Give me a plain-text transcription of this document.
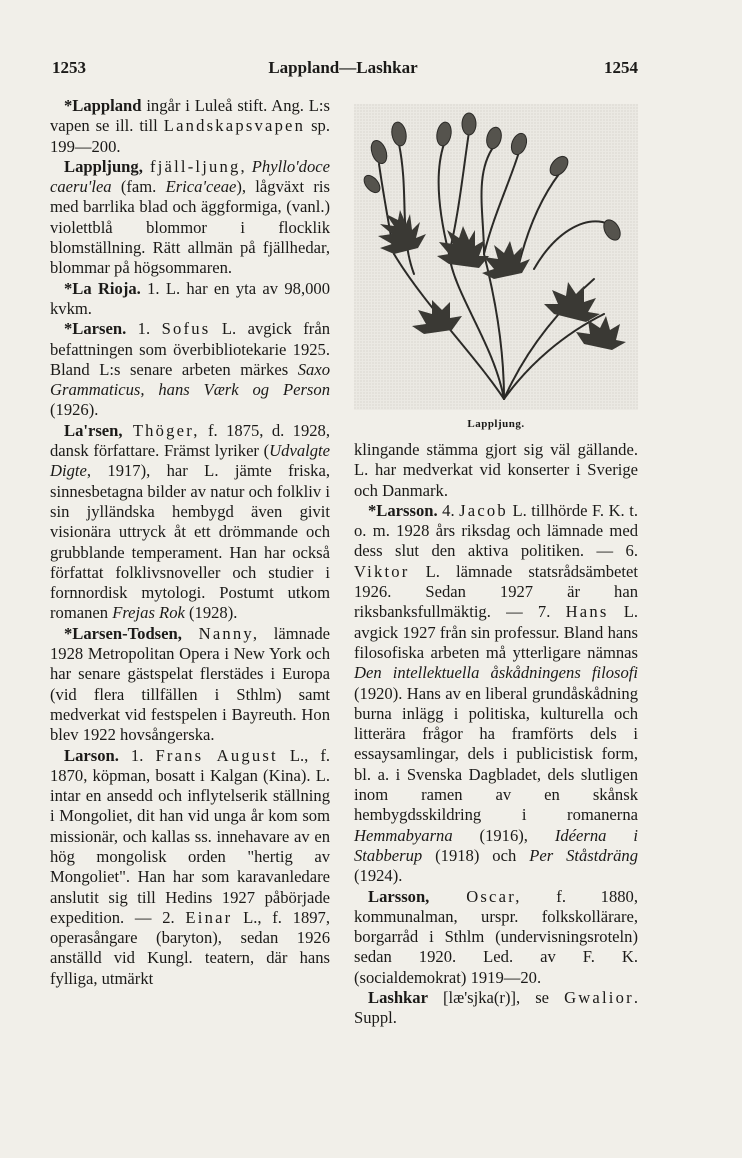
1253	Lappland—Lashkar	1254

*Lappland ingår i Luleå stift. Ang. L:s vapen se ill. till Landskapsvapen sp. 199—200.

Lappljung, fjäll-ljung, Phyllo'doce caeru'lea (fam. Erica'ceae), lågväxt ris med barrlika blad och äggformiga, (vanl.) violettblå blommor i flocklik blomställning. Rätt allmän på fjällhedar, blommar på högsommaren.

*La Rioja. 1. L. har en yta av 98,000 kvkm.

*Larsen. 1. Sofus L. avgick från befattningen som överbibliotekarie 1925. Bland L:s senare arbeten märkes Saxo Grammaticus, hans Værk og Person (1926).

La'rsen, Thöger, f. 1875, d. 1928, dansk författare. Främst lyriker (Udvalgte Digte, 1917), har L. jämte friska, sinnesbetagna bilder av natur och folkliv i sin jylländska hembygd även givit visionära uttryck åt ett drömmande och grubblande temperament. Han har också författat folklivsnoveller och studier i fornnordisk mytologi. Postumt utkom romanen Frejas Rok (1928).

*Larsen-Todsen, Nanny, lämnade 1928 Metropolitan Opera i New York och har senare gästspelat flerstädes i Europa (vid flera tillfällen i Sthlm) samt medverkat vid festspelen i Bayreuth. Hon blev 1922 hovsångerska.

Larson. 1. Frans August L., f. 1870, köpman, bosatt i Kalgan (Kina). L. intar en ansedd och inflytelserik ställning i Mongoliet, dit han vid unga år kom som missionär, och kallas ss. innehavare av en hög mongolisk orden "hertig av Mongoliet". Han har som karavanledare anslutit sig till Hedins 1927 påbörjade expedition. — 2. Einar L., f. 1897, operasångare (baryton), sedan 1926 anställd vid Kungl. teatern, där hans fylliga, utmärkt

Lappljung.

klingande stämma gjort sig väl gällande. L. har medverkat vid konserter i Sverige och Danmark.

*Larsson. 4. Jacob L. tillhörde F. K. t. o. m. 1928 års riksdag och lämnade med dess slut den aktiva politiken. — 6. Viktor L. lämnade statsrådsämbetet 1926. Sedan 1927 är han riksbanksfullmäktig. — 7. Hans L. avgick 1927 från sin professur. Bland hans filosofiska arbeten må ytterligare nämnas Den intellektuella åskådningens filosofi (1920). Hans av en liberal grundåskådning burna inlägg i politiska, kulturella och litterära frågor ha framförts dels i essaysamlingar, dels i publicistisk form, bl. a. i Svenska Dagbladet, dels slutligen inom ramen av en skånsk hembygdsskildring i romanerna Hemmabyarna (1916), Idéerna i Stabberup (1918) och Per Ståstdräng (1924).

Larsson, Oscar, f. 1880, kommunalman, urspr. folkskollärare, borgarråd i Sthlm (undervisningsroteln) sedan 1920. Led. av F. K. (socialdemokrat) 1919—20.

Lashkar [læ'sjka(r)], se Gwalior. Suppl.
